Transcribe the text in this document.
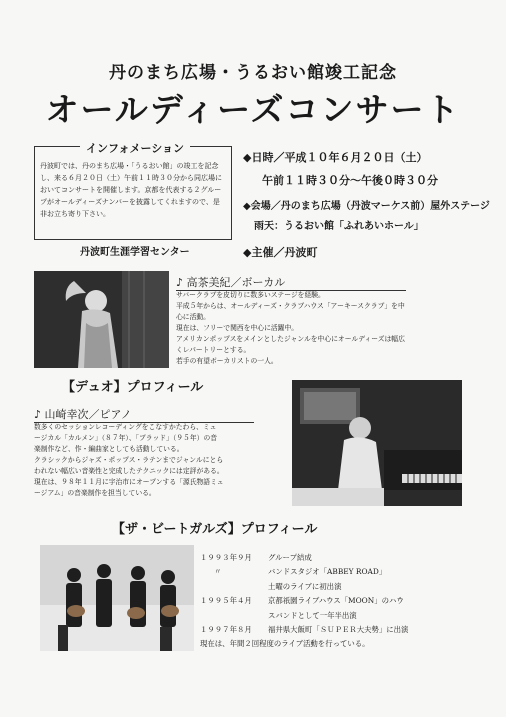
丹のまち広場・うるおい館竣工記念
オールディーズコンサート
インフォメーション
丹波町では、丹のまち広場・「うるおい館」の竣工を記念し、来る６月２０日（土）午前１１時３０分から同広場においてコンサートを開催します。京都を代表する２グループがオールディーズナンバーを披露してくれますので、是非お立ち寄り下さい。
丹波町生涯学習センター
◆日時／平成１０年６月２０日（土）
午前１１時３０分～午後０時３０分
◆会場／丹のまち広場（丹波マーケス前）屋外ステージ
雨天：うるおい館「ふれあいホール」
◆主催／丹波町
♪ 高茶美紀／ボーカル
サバークラブを皮切りに数多いステージを経験。
平成５年からは、オールディーズ・クラブハウス「アーキースクラブ」を中
心に活動。
現在は、フリーで関西を中心に活躍中。
アメリカンポップスをメインとしたジャンルを中心にオールディーズは幅広
くレパートリーとする。
若手の有望ボーカリストの一人。
【デュオ】プロフィール
♪ 山崎幸次／ピアノ
数多くのセッションレコーディングをこなすかたわら、ミュ
ージカル「カルメン」（８７年）、「ブラッド」（９５年）の音
楽制作など、作・編曲家としても活動している。
クラシックからジャズ・ポップス・ラテンまでジャンルにとら
われない幅広い音楽性と完成したテクニックには定評がある。
現在は、９８年１１月に宇治市にオープンする「源氏物語ミュ
ージアム」の音楽制作を担当している。
【ザ・ビートガルズ】プロフィール
１９９３年９月	グループ結成
〃	バンドスタジオ「ABBEY ROAD」
土曜のライブに初出演
１９９５年４月	京都祇園ライブハウス「MOON」のハウ
スバンドとして一年半出演
１９９７年８月	福井県大飯町「ＳＵＰＥＲ大夫勢」に出演
現在は、年間２回程度のライブ活動を行っている。
